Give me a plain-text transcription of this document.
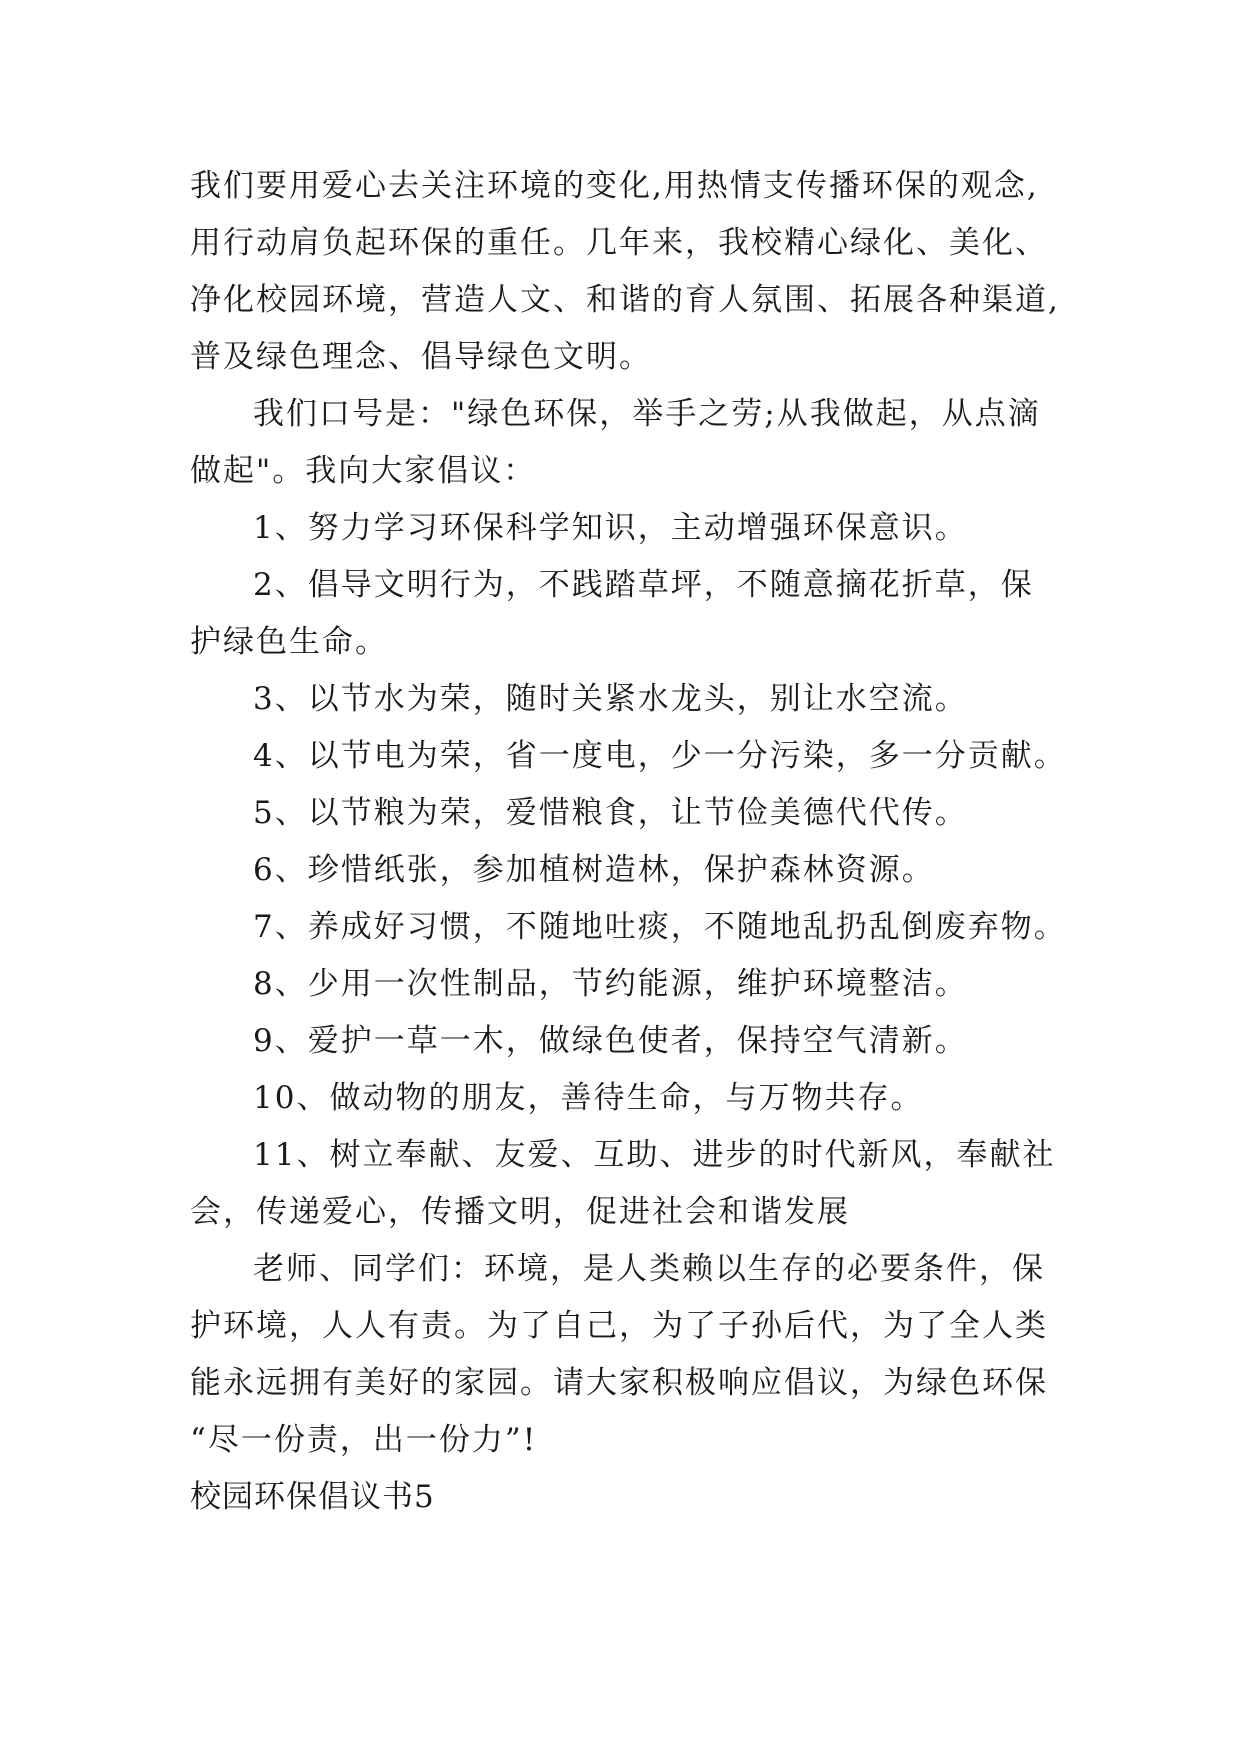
我们要用爱心去关注环境的变化,用热情支传播环保的观念,
用行动肩负起环保的重任。几年来，我校精心绿化、美化、
净化校园环境，营造人文、和谐的育人氛围、拓展各种渠道,
普及绿色理念、倡导绿色文明。
我们口号是："绿色环保，举手之劳;从我做起，从点滴
做起"。我向大家倡议：
1、努力学习环保科学知识，主动增强环保意识。
2、倡导文明行为，不践踏草坪，不随意摘花折草，保
护绿色生命。
3、以节水为荣，随时关紧水龙头，别让水空流。
4、以节电为荣，省一度电，少一分污染，多一分贡献。
5、以节粮为荣，爱惜粮食，让节俭美德代代传。
6、珍惜纸张，参加植树造林，保护森林资源。
7、养成好习惯，不随地吐痰，不随地乱扔乱倒废弃物。
8、少用一次性制品，节约能源，维护环境整洁。
9、爱护一草一木，做绿色使者，保持空气清新。
10、做动物的朋友，善待生命，与万物共存。
11、树立奉献、友爱、互助、进步的时代新风，奉献社
会，传递爱心，传播文明，促进社会和谐发展
老师、同学们：环境，是人类赖以生存的必要条件，保
护环境，人人有责。为了自己，为了子孙后代，为了全人类
能永远拥有美好的家园。请大家积极响应倡议，为绿色环保
“尽一份责，出一份力”!
校园环保倡议书5
